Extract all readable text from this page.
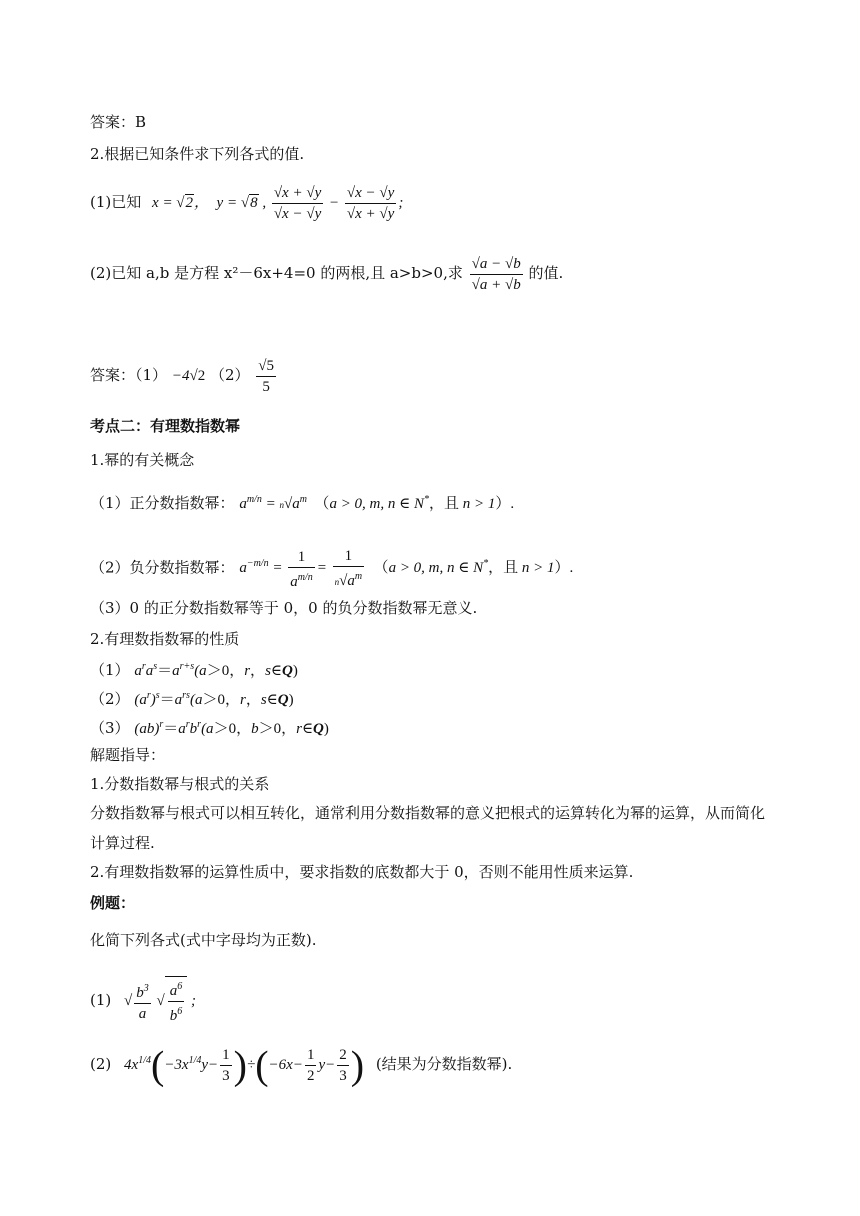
答案：B
2.根据已知条件求下列各式的值.
(1)已知 x = √2，  y = √8 , $\frac{√x + √y}{√x - √y} - \frac{√x - √y}{√x + √y}$ ;
(2)已知 a,b 是方程 x²－6x+4=0 的两根,且 a>b>0,求 $\frac{√a - √b}{√a + √b}$ 的值.
答案：（1） −4√2 $(2) \frac{√5}{5}$
考点二：有理数指数幂
1.幂的有关概念
（1）正分数指数幂： $a^{m/n} = n√a^m$ （a > 0, m, n ∈ N*，且 n > 1）.
（2）负分数指数幂： $a^{-m/n} = \frac{1}{a^{m/n}} = \frac{1}{n√a^m} (a > 0$, m, n ∈ N*，且 n > 1）.
（3）0 的正分数指数幂等于 0，0 的负分数指数幂无意义.
2.有理数指数幂的性质
（1） $a^ra^s=a^{r+s}(a>0$，r，s∈Q)
（2） $(a^r)^s=a^{rs}(a>0$，r，s∈Q)
（3） $(ab)^r=a^rb^r(a>0$，b＞0，r∈Q)
解题指导：
1.分数指数幂与根式的关系
分数指数幂与根式可以相互转化，通常利用分数指数幂的意义把根式的运算转化为幂的运算，从而简化
计算过程.
2.有理数指数幂的运算性质中，要求指数的底数都大于 0，否则不能用性质来运算.
例题：
化简下列各式(式中字母均为正数).
(1) √ $\frac{b^3}{a}$ √ $\frac{a^6}{b^6}$ ;
(2) $4x^{1/4}(-3x^{1/4}y- \frac{1}{3} )\div(-6x- \frac{1}{2} y- \frac{2}{3}$ ) (结果为分数指数幂).
